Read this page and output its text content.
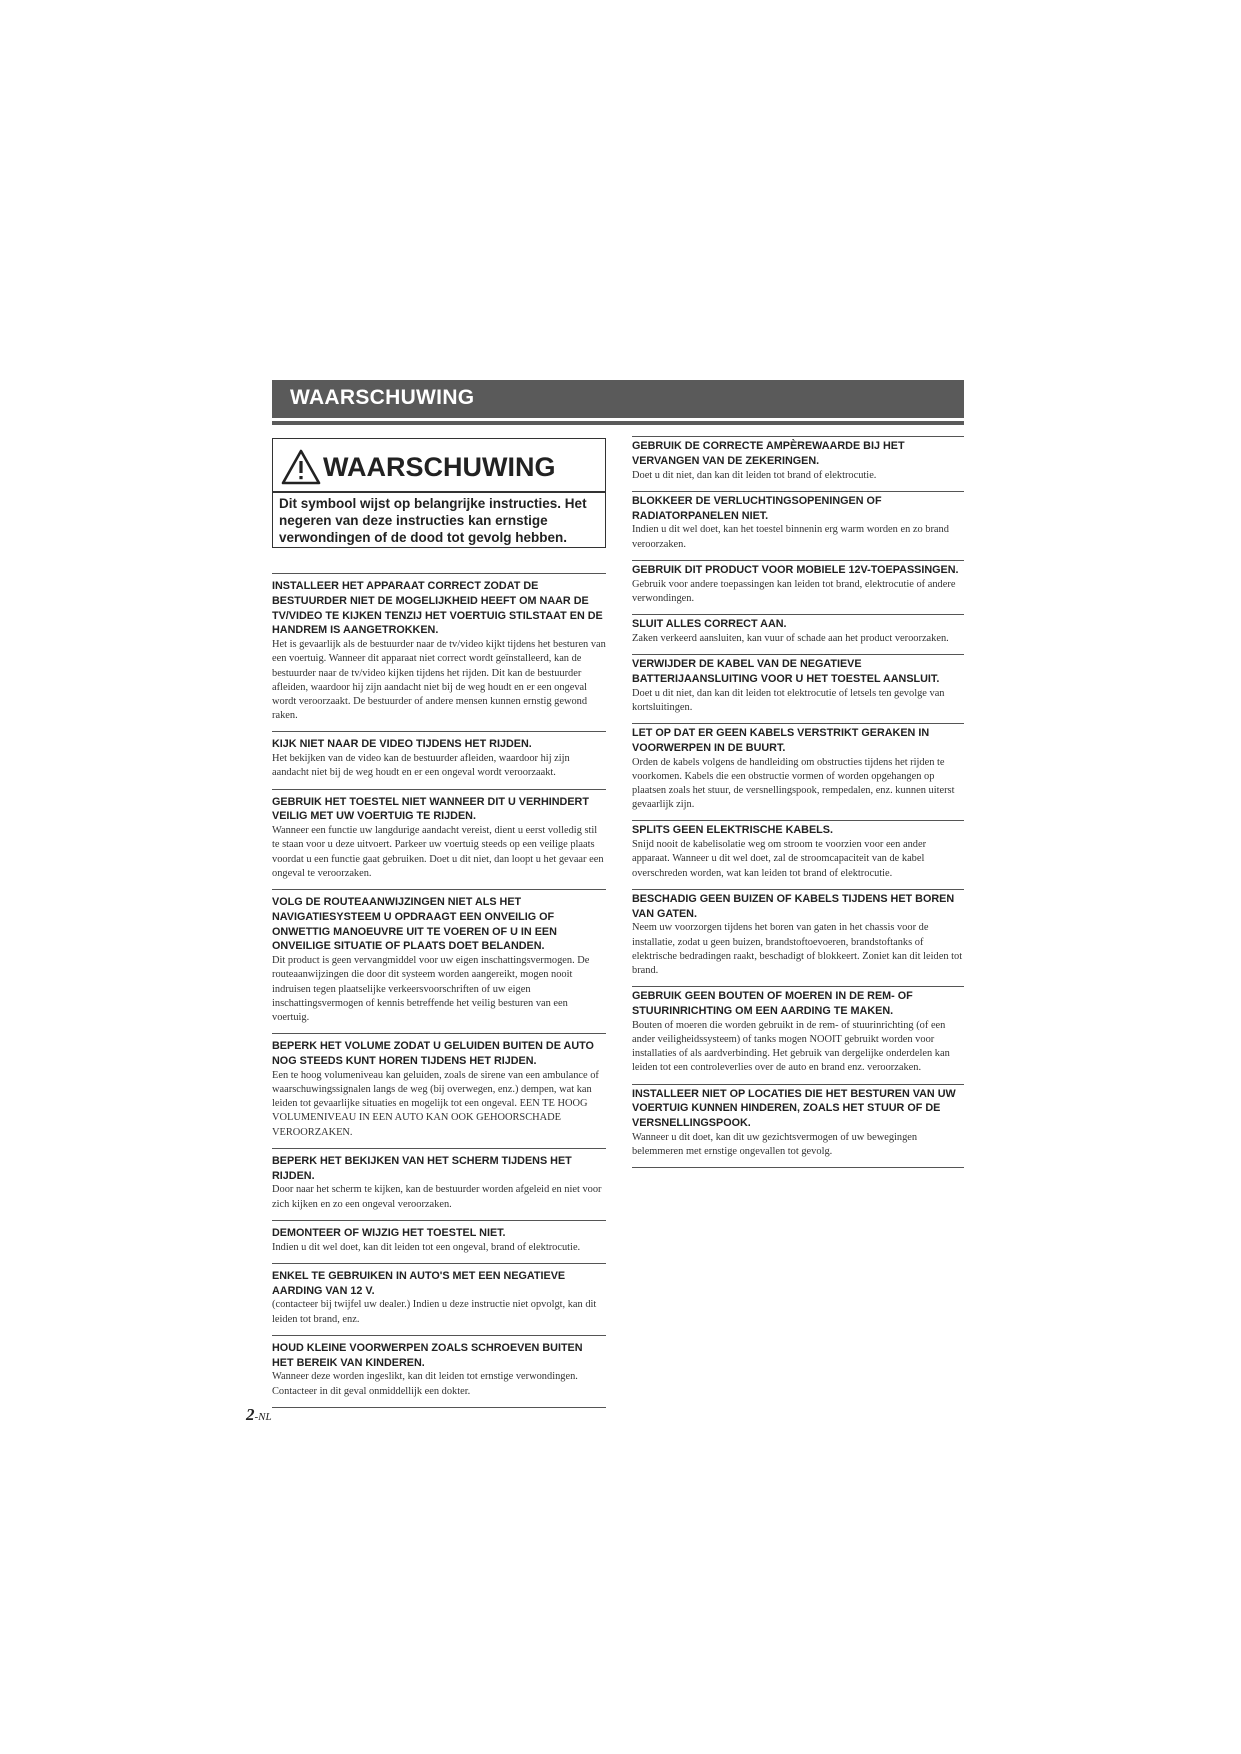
WAARSCHUWING
WAARSCHUWING
Dit symbool wijst op belangrijke instructies. Het negeren van deze instructies kan ernstige verwondingen of de dood tot gevolg hebben.
INSTALLEER HET APPARAAT CORRECT ZODAT DE BESTUURDER NIET DE MOGELIJKHEID HEEFT OM NAAR DE TV/VIDEO TE KIJKEN TENZIJ HET VOERTUIG STILSTAAT EN DE HANDREM IS AANGETROKKEN.
Het is gevaarlijk als de bestuurder naar de tv/video kijkt tijdens het besturen van een voertuig. Wanneer dit apparaat niet correct wordt geïnstalleerd, kan de bestuurder naar de tv/video kijken tijdens het rijden. Dit kan de bestuurder afleiden, waardoor hij zijn aandacht niet bij de weg houdt en er een ongeval wordt veroorzaakt. De bestuurder of andere mensen kunnen ernstig gewond raken.
KIJK NIET NAAR DE VIDEO TIJDENS HET RIJDEN.
Het bekijken van de video kan de bestuurder afleiden, waardoor hij zijn aandacht niet bij de weg houdt en er een ongeval wordt veroorzaakt.
GEBRUIK HET TOESTEL NIET WANNEER DIT U VERHINDERT VEILIG MET UW VOERTUIG TE RIJDEN.
Wanneer een functie uw langdurige aandacht vereist, dient u eerst volledig stil te staan voor u deze uitvoert. Parkeer uw voertuig steeds op een veilige plaats voordat u een functie gaat gebruiken. Doet u dit niet, dan loopt u het gevaar een ongeval te veroorzaken.
VOLG DE ROUTEAANWIJZINGEN NIET ALS HET NAVIGATIESYSTEEM U OPDRAAGT EEN ONVEILIG OF ONWETTIG MANOEUVRE UIT TE VOEREN OF U IN EEN ONVEILIGE SITUATIE OF PLAATS DOET BELANDEN.
Dit product is geen vervangmiddel voor uw eigen inschattingsvermogen. De routeaanwijzingen die door dit systeem worden aangereikt, mogen nooit indruisen tegen plaatselijke verkeersvoorschriften of uw eigen inschattingsvermogen of kennis betreffende het veilig besturen van een voertuig.
BEPERK HET VOLUME ZODAT U GELUIDEN BUITEN DE AUTO NOG STEEDS KUNT HOREN TIJDENS HET RIJDEN.
Een te hoog volumeniveau kan geluiden, zoals de sirene van een ambulance of waarschuwingssignalen langs de weg (bij overwegen, enz.) dempen, wat kan leiden tot gevaarlijke situaties en mogelijk tot een ongeval. EEN TE HOOG VOLUMENIVEAU IN EEN AUTO KAN OOK GEHOORSCHADE VEROORZAKEN.
BEPERK HET BEKIJKEN VAN HET SCHERM TIJDENS HET RIJDEN.
Door naar het scherm te kijken, kan de bestuurder worden afgeleid en niet voor zich kijken en zo een ongeval veroorzaken.
DEMONTEER OF WIJZIG HET TOESTEL NIET.
Indien u dit wel doet, kan dit leiden tot een ongeval, brand of elektrocutie.
ENKEL TE GEBRUIKEN IN AUTO'S MET EEN NEGATIEVE AARDING VAN 12 V.
(contacteer bij twijfel uw dealer.) Indien u deze instructie niet opvolgt, kan dit leiden tot brand, enz.
HOUD KLEINE VOORWERPEN ZOALS SCHROEVEN BUITEN HET BEREIK VAN KINDEREN.
Wanneer deze worden ingeslikt, kan dit leiden tot ernstige verwondingen. Contacteer in dit geval onmiddellijk een dokter.
GEBRUIK DE CORRECTE AMPÈREWAARDE BIJ HET VERVANGEN VAN DE ZEKERINGEN.
Doet u dit niet, dan kan dit leiden tot brand of elektrocutie.
BLOKKEER DE VERLUCHTINGSOPENINGEN OF RADIATORPANELEN NIET.
Indien u dit wel doet, kan het toestel binnenin erg warm worden en zo brand veroorzaken.
GEBRUIK DIT PRODUCT VOOR MOBIELE 12V-TOEPASSINGEN.
Gebruik voor andere toepassingen kan leiden tot brand, elektrocutie of andere verwondingen.
SLUIT ALLES CORRECT AAN.
Zaken verkeerd aansluiten, kan vuur of schade aan het product veroorzaken.
VERWIJDER DE KABEL VAN DE NEGATIEVE BATTERIJAANSLUITING VOOR U HET TOESTEL AANSLUIT.
Doet u dit niet, dan kan dit leiden tot elektrocutie of letsels ten gevolge van kortsluitingen.
LET OP DAT ER GEEN KABELS VERSTRIKT GERAKEN IN VOORWERPEN IN DE BUURT.
Orden de kabels volgens de handleiding om obstructies tijdens het rijden te voorkomen. Kabels die een obstructie vormen of worden opgehangen op plaatsen zoals het stuur, de versnellingspook, rempedalen, enz. kunnen uiterst gevaarlijk zijn.
SPLITS GEEN ELEKTRISCHE KABELS.
Snijd nooit de kabelisolatie weg om stroom te voorzien voor een ander apparaat. Wanneer u dit wel doet, zal de stroomcapaciteit van de kabel overschreden worden, wat kan leiden tot brand of elektrocutie.
BESCHADIG GEEN BUIZEN OF KABELS TIJDENS HET BOREN VAN GATEN.
Neem uw voorzorgen tijdens het boren van gaten in het chassis voor de installatie, zodat u geen buizen, brandstoftoevoeren, brandstoftanks of elektrische bedradingen raakt, beschadigt of blokkeert. Zoniet kan dit leiden tot brand.
GEBRUIK GEEN BOUTEN OF MOEREN IN DE REM- OF STUURINRICHTING OM EEN AARDING TE MAKEN.
Bouten of moeren die worden gebruikt in de rem- of stuurinrichting (of een ander veiligheidssysteem) of tanks mogen NOOIT gebruikt worden voor installaties of als aardverbinding. Het gebruik van dergelijke onderdelen kan leiden tot een controleverlies over de auto en brand enz. veroorzaken.
INSTALLEER NIET OP LOCATIES DIE HET BESTUREN VAN UW VOERTUIG KUNNEN HINDEREN, ZOALS HET STUUR OF DE VERSNELLINGSPOOK.
Wanneer u dit doet, kan dit uw gezichtsvermogen of uw bewegingen belemmeren met ernstige ongevallen tot gevolg.
2-NL
